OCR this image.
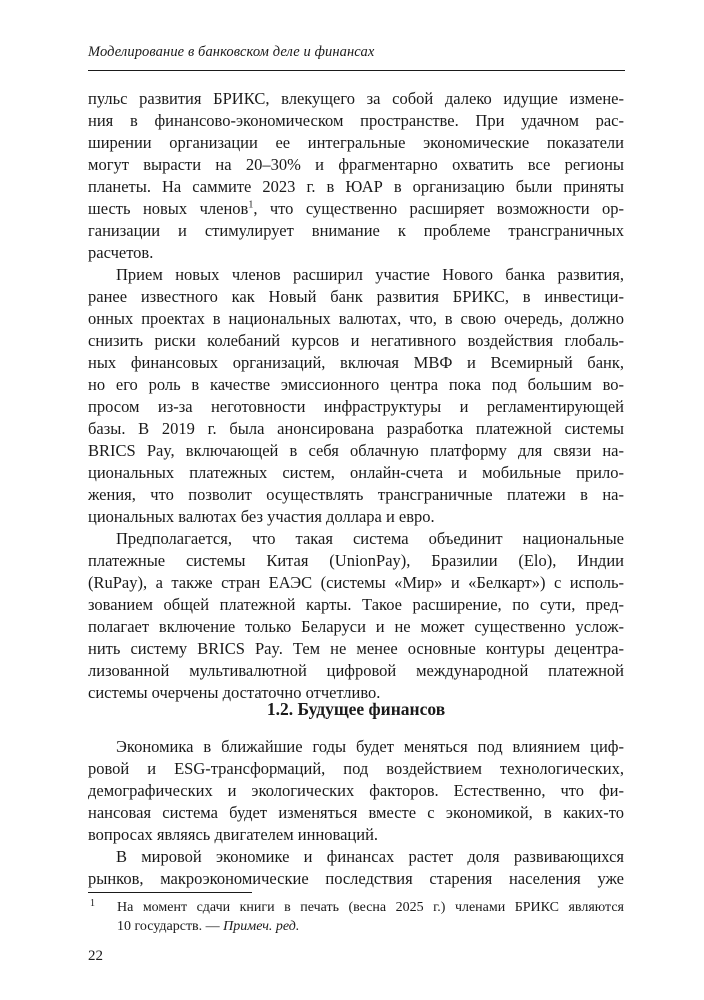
Моделирование в банковском деле и финансах
пульс развития БРИКС, влекущего за собой далеко идущие измене-
ния в финансово-экономическом пространстве. При удачном рас-
ширении организации ее интегральные экономические показатели
могут вырасти на 20–30% и фрагментарно охватить все регионы
планеты. На саммите 2023 г. в ЮАР в организацию были приняты
шесть новых членов$^1$, что существенно расширяет возможности ор-
ганизации и стимулирует внимание к проблеме трансграничных
расчетов.
Прием новых членов расширил участие Нового банка развития,
ранее известного как Новый банк развития БРИКС, в инвестици-
онных проектах в национальных валютах, что, в свою очередь, должно
снизить риски колебаний курсов и негативного воздействия глобаль-
ных финансовых организаций, включая МВФ и Всемирный банк,
но его роль в качестве эмиссионного центра пока под большим во-
просом из-за неготовности инфраструктуры и регламентирующей
базы. В 2019 г. была анонсирована разработка платежной системы
BRICS Pay, включающей в себя облачную платформу для связи на-
циональных платежных систем, онлайн-счета и мобильные прило-
жения, что позволит осуществлять трансграничные платежи в на-
циональных валютах без участия доллара и евро.
Предполагается, что такая система объединит национальные
платежные системы Китая (UnionPay), Бразилии (Elo), Индии
(RuPay), а также стран ЕАЭС (системы «Мир» и «Белкарт») с исполь-
зованием общей платежной карты. Такое расширение, по сути, пред-
полагает включение только Беларуси и не может существенно услож-
нить систему BRICS Pay. Тем не менее основные контуры децентра-
лизованной мультивалютной цифровой международной платежной
системы очерчены достаточно отчетливо.
1.2. Будущее финансов
Экономика в ближайшие годы будет меняться под влиянием циф-
ровой и ESG-трансформаций, под воздействием технологических,
демографических и экологических факторов. Естественно, что фи-
нансовая система будет изменяться вместе с экономикой, в каких-то
вопросах являясь двигателем инноваций.
В мировой экономике и финансах растет доля развивающихся
рынков, макроэкономические последствия старения населения уже
1 На момент сдачи книги в печать (весна 2025 г.) членами БРИКС являются
10 государств. — Примеч. ред.
22
